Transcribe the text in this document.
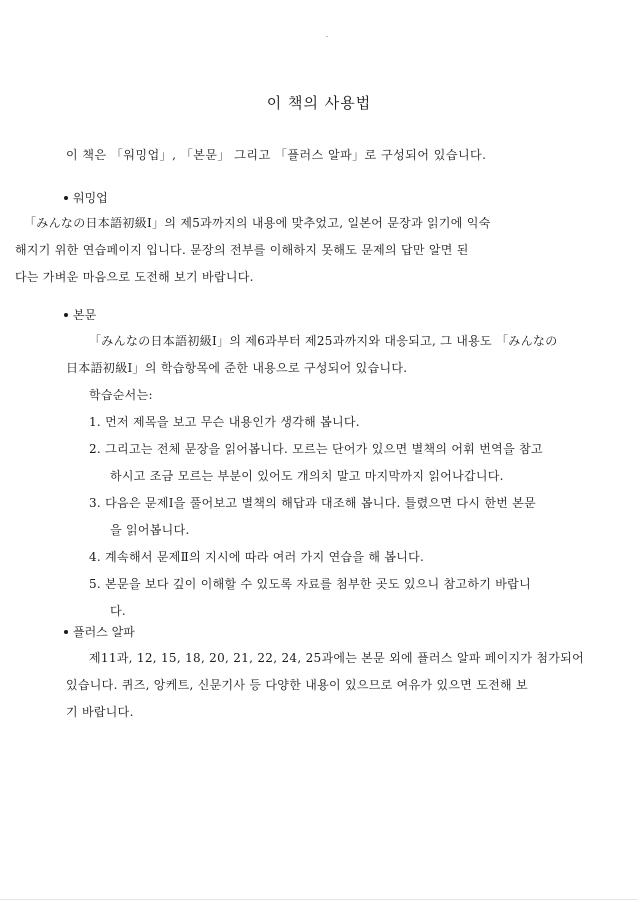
이 책의 사용법
이 책은 「워밍업」, 「본문」 그리고 「플러스 알파」로 구성되어 있습니다.
워밍업
「みんなの日本語初級Ⅰ」의 제5과까지의 내용에 맞추었고, 일본어 문장과 읽기에 익숙
해지기 위한 연습페이지 입니다. 문장의 전부를 이해하지 못해도 문제의 답만 알면 된
다는 가벼운 마음으로 도전해 보기 바랍니다.
본문
「みんなの日本語初級Ⅰ」의 제6과부터 제25과까지와 대응되고, 그 내용도 「みんなの
日本語初級Ⅰ」의 학습항목에 준한 내용으로 구성되어 있습니다.
학습순서는:
1. 먼저 제목을 보고 무슨 내용인가 생각해 봅니다.
2. 그리고는 전체 문장을 읽어봅니다. 모르는 단어가 있으면 별책의 어휘 번역을 참고
하시고 조금 모르는 부분이 있어도 개의치 말고 마지막까지 읽어나갑니다.
3. 다음은 문제Ⅰ을 풀어보고 별책의 해답과 대조해 봅니다. 틀렸으면 다시 한번 본문
을 읽어봅니다.
4. 계속해서 문제Ⅱ의 지시에 따라 여러 가지 연습을 해 봅니다.
5. 본문을 보다 깊이 이해할 수 있도록 자료를 첨부한 곳도 있으니 참고하기 바랍니
다.
플러스 알파
제11과, 12, 15, 18, 20, 21, 22, 24, 25과에는 본문 외에 플러스 알파 페이지가 첨가되어
있습니다. 퀴즈, 앙케트, 신문기사 등 다양한 내용이 있으므로 여유가 있으면 도전해 보
기 바랍니다.
